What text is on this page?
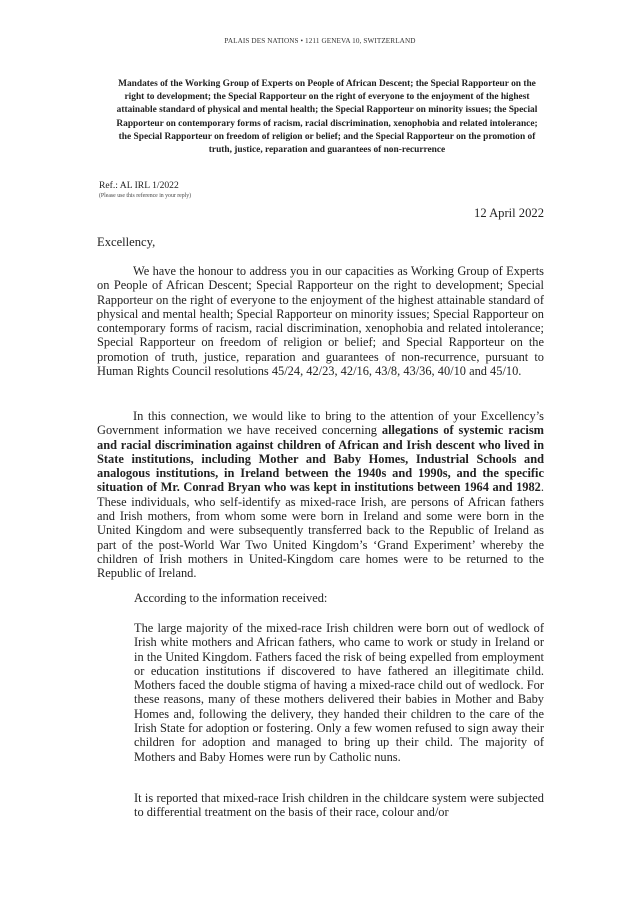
PALAIS DES NATIONS • 1211 GENEVA 10, SWITZERLAND
Mandates of the Working Group of Experts on People of African Descent; the Special Rapporteur on the right to development; the Special Rapporteur on the right of everyone to the enjoyment of the highest attainable standard of physical and mental health; the Special Rapporteur on minority issues; the Special Rapporteur on contemporary forms of racism, racial discrimination, xenophobia and related intolerance; the Special Rapporteur on freedom of religion or belief; and the Special Rapporteur on the promotion of truth, justice, reparation and guarantees of non-recurrence
Ref.: AL IRL 1/2022
(Please use this reference in your reply)
12 April 2022
Excellency,
We have the honour to address you in our capacities as Working Group of Experts on People of African Descent; Special Rapporteur on the right to development; Special Rapporteur on the right of everyone to the enjoyment of the highest attainable standard of physical and mental health; Special Rapporteur on minority issues; Special Rapporteur on contemporary forms of racism, racial discrimination, xenophobia and related intolerance; Special Rapporteur on freedom of religion or belief; and Special Rapporteur on the promotion of truth, justice, reparation and guarantees of non-recurrence, pursuant to Human Rights Council resolutions 45/24, 42/23, 42/16, 43/8, 43/36, 40/10 and 45/10.
In this connection, we would like to bring to the attention of your Excellency’s Government information we have received concerning allegations of systemic racism and racial discrimination against children of African and Irish descent who lived in State institutions, including Mother and Baby Homes, Industrial Schools and analogous institutions, in Ireland between the 1940s and 1990s, and the specific situation of Mr. Conrad Bryan who was kept in institutions between 1964 and 1982. These individuals, who self-identify as mixed-race Irish, are persons of African fathers and Irish mothers, from whom some were born in Ireland and some were born in the United Kingdom and were subsequently transferred back to the Republic of Ireland as part of the post-World War Two United Kingdom’s ‘Grand Experiment’ whereby the children of Irish mothers in United-Kingdom care homes were to be returned to the Republic of Ireland.
According to the information received:
The large majority of the mixed-race Irish children were born out of wedlock of Irish white mothers and African fathers, who came to work or study in Ireland or in the United Kingdom. Fathers faced the risk of being expelled from employment or education institutions if discovered to have fathered an illegitimate child. Mothers faced the double stigma of having a mixed-race child out of wedlock. For these reasons, many of these mothers delivered their babies in Mother and Baby Homes and, following the delivery, they handed their children to the care of the Irish State for adoption or fostering. Only a few women refused to sign away their children for adoption and managed to bring up their child. The majority of Mothers and Baby Homes were run by Catholic nuns.
It is reported that mixed-race Irish children in the childcare system were subjected to differential treatment on the basis of their race, colour and/or
